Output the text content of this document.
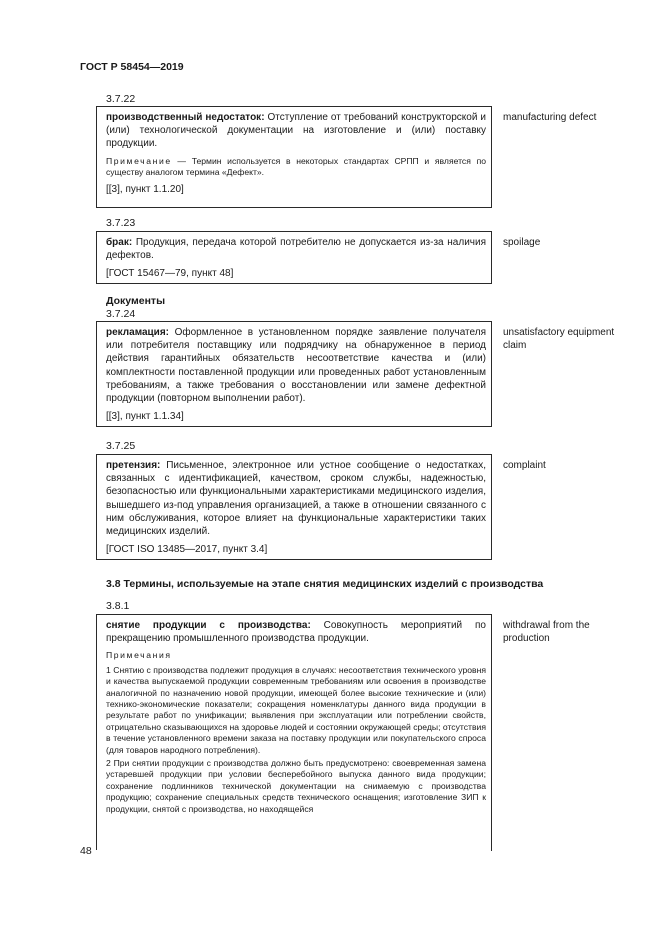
ГОСТ Р 58454—2019
3.7.22

производственный недостаток: Отступление от требований конструкторской и (или) технологической документации на изготовление и (или) поставку продукции.

Примечание — Термин используется в некоторых стандартах СРПП и является по существу аналогом термина «Дефект».

[[3], пункт 1.1.20]

manufacturing defect
3.7.23

брак: Продукция, передача которой потребителю не допускается из-за наличия дефектов.

[ГОСТ 15467—79, пункт 48]

spoilage
Документы
3.7.24

рекламация: Оформленное в установленном порядке заявление получателя или потребителя поставщику или подрядчику на обнаруженное в период действия гарантийных обязательств несоответствие качества и (или) комплектности поставленной продукции или проведенных работ установленным требованиям, а также требования о восстановлении или замене дефектной продукции (повторном выполнении работ).

[[3], пункт 1.1.34]

unsatisfactory equipment claim
3.7.25

претензия: Письменное, электронное или устное сообщение о недостатках, связанных с идентификацией, качеством, сроком службы, надежностью, безопасностью или функциональными характеристиками медицинского изделия, вышедшего из-под управления организацией, а также в отношении связанного с ним обслуживания, которое влияет на функциональные характеристики таких медицинских изделий.

[ГОСТ ISO 13485—2017, пункт 3.4]

complaint
3.8 Термины, используемые на этапе снятия медицинских изделий с производства
3.8.1

снятие продукции с производства: Совокупность мероприятий по прекращению промышленного производства продукции.

Примечания

1 Снятию с производства подлежит продукция в случаях: несоответствия технического уровня и качества выпускаемой продукции современным требованиям или освоения в производстве аналогичной по назначению новой продукции, имеющей более высокие технические и (или) технико-экономические показатели; сокращения номенклатуры данного вида продукции в результате работ по унификации; выявления при эксплуатации или потреблении свойств, отрицательно сказывающихся на здоровье людей и состоянии окружающей среды; отсутствия в течение установленного времени заказа на поставку продукции или покупательского спроса (для товаров народного потребления).

2 При снятии продукции с производства должно быть предусмотрено: своевременная замена устаревшей продукции при условии бесперебойного выпуска данного вида продукции; сохранение подлинников технической документации на снимаемую с производства продукцию; сохранение специальных средств технического оснащения; изготовление ЗИП к продукции, снятой с производства, но находящейся

withdrawal from the production
48
